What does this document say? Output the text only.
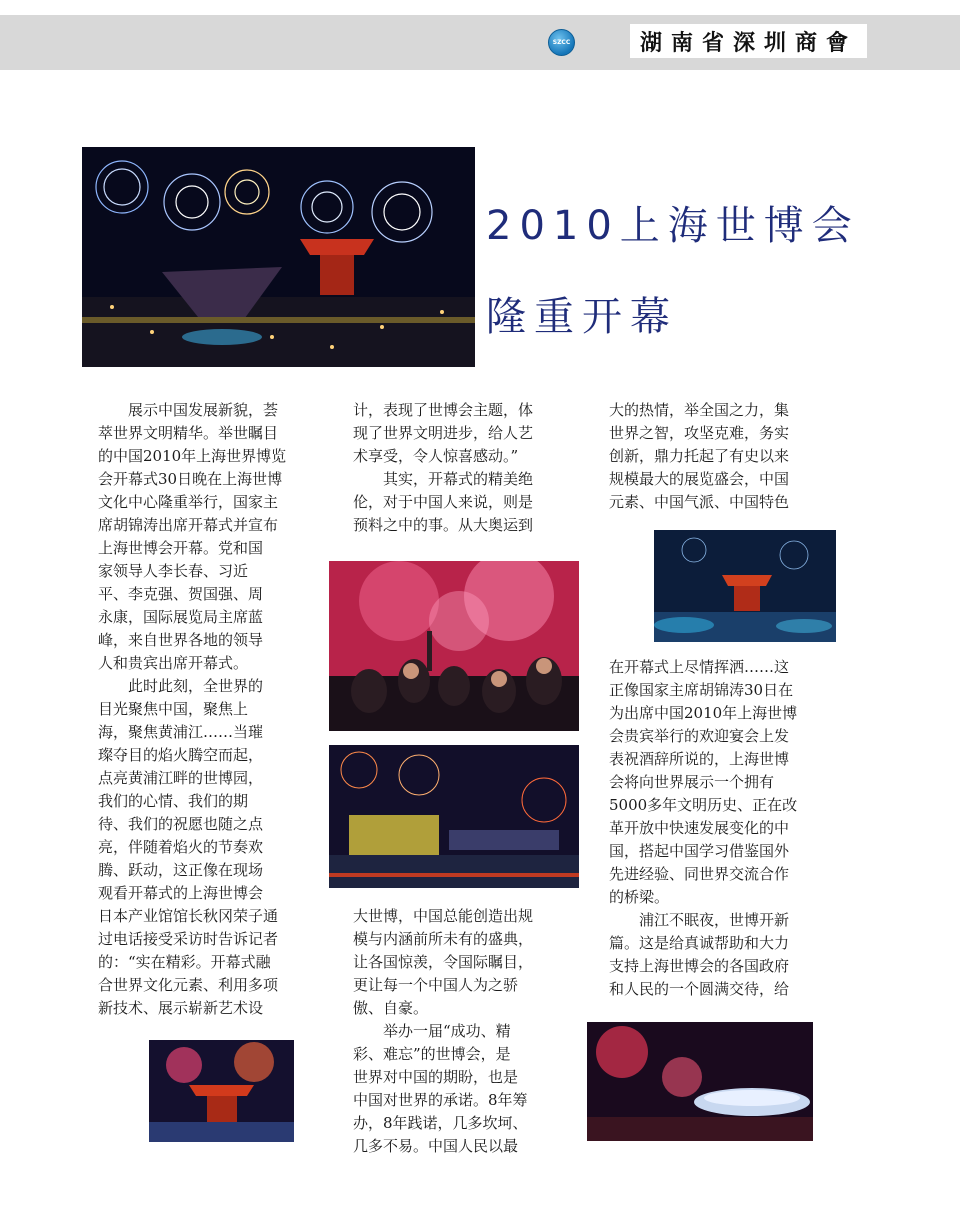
SZCC	湖南省深圳商會
2010上海世博会
隆重开幕
　　展示中国发展新貌，荟
萃世界文明精华。举世瞩目
的中国2010年上海世界博览
会开幕式30日晚在上海世博
文化中心隆重举行，国家主
席胡锦涛出席开幕式并宣布
上海世博会开幕。党和国
家领导人李长春、习近
平、李克强、贺国强、周
永康，国际展览局主席蓝
峰，来自世界各地的领导
人和贵宾出席开幕式。
　　此时此刻，全世界的
目光聚焦中国，聚焦上
海，聚焦黄浦江……当璀
璨夺目的焰火腾空而起，
点亮黄浦江畔的世博园，
我们的心情、我们的期
待、我们的祝愿也随之点
亮，伴随着焰火的节奏欢
腾、跃动，这正像在现场
观看开幕式的上海世博会
日本产业馆馆长秋冈荣子通
过电话接受采访时告诉记者
的：“实在精彩。开幕式融
合世界文化元素、利用多项
新技术、展示崭新艺术设
计，表现了世博会主题，体
现了世界文明进步，给人艺
术享受，令人惊喜感动。”
　　其实，开幕式的精美绝
伦，对于中国人来说，则是
预料之中的事。从大奥运到
大世博，中国总能创造出规
模与内涵前所未有的盛典，
让各国惊羡，令国际瞩目，
更让每一个中国人为之骄
傲、自豪。
　　举办一届“成功、精
彩、难忘”的世博会，是
世界对中国的期盼，也是
中国对世界的承诺。8年筹
办，8年践诺，几多坎坷、
几多不易。中国人民以最
大的热情，举全国之力，集
世界之智，攻坚克难，务实
创新，鼎力托起了有史以来
规模最大的展览盛会，中国
元素、中国气派、中国特色
在开幕式上尽情挥洒……这
正像国家主席胡锦涛30日在
为出席中国2010年上海世博
会贵宾举行的欢迎宴会上发
表祝酒辞所说的，上海世博
会将向世界展示一个拥有
5000多年文明历史、正在改
革开放中快速发展变化的中
国，搭起中国学习借鉴国外
先进经验、同世界交流合作
的桥梁。
　　浦江不眠夜，世博开新
篇。这是给真诚帮助和大力
支持上海世博会的各国政府
和人民的一个圆满交待，给
